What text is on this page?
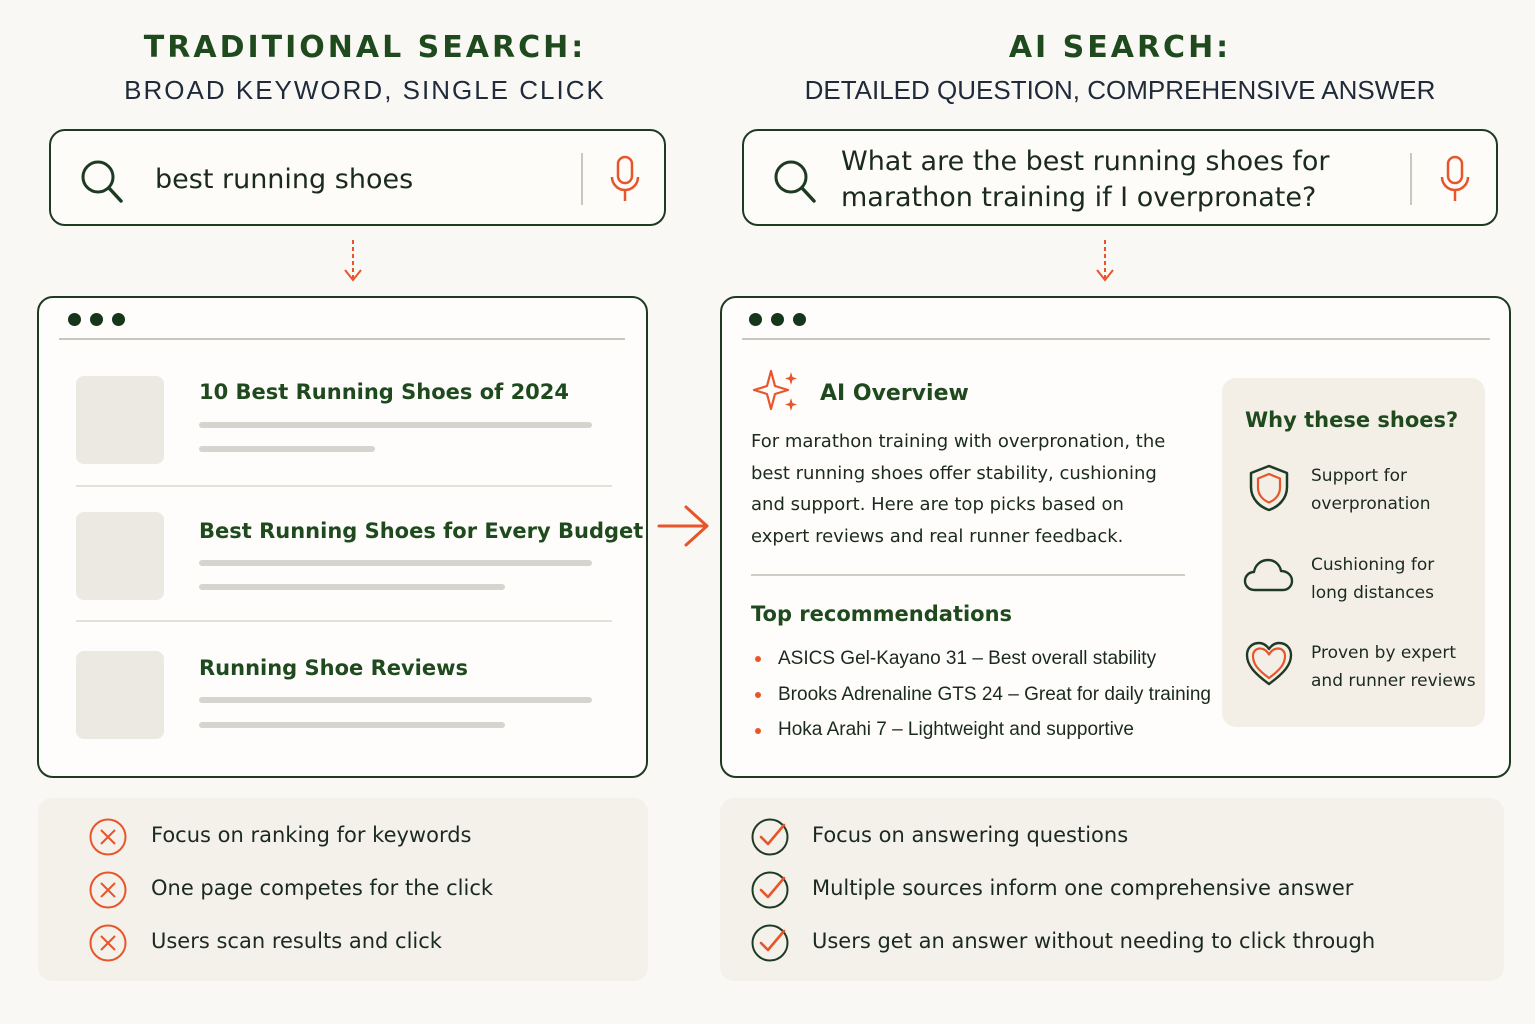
TRADITIONAL SEARCH:
BROAD KEYWORD, SINGLE CLICK
best running shoes
10 Best Running Shoes of 2024
Best Running Shoes for Every Budget
Running Shoe Reviews
Focus on ranking for keywords
One page competes for the click
Users scan results and click
AI SEARCH:
DETAILED QUESTION, COMPREHENSIVE ANSWER
What are the best running shoes for
marathon training if I overpronate?
AI Overview
For marathon training with overpronation, the
best running shoes offer stability, cushioning
and support. Here are top picks based on
expert reviews and real runner feedback.
Top recommendations
ASICS Gel-Kayano 31 – Best overall stability
Brooks Adrenaline GTS 24 – Great for daily training
Hoka Arahi 7 – Lightweight and supportive
Why these shoes?
Support for
overpronation
Cushioning for
long distances
Proven by expert
and runner reviews
Focus on answering questions
Multiple sources inform one comprehensive answer
Users get an answer without needing to click through
